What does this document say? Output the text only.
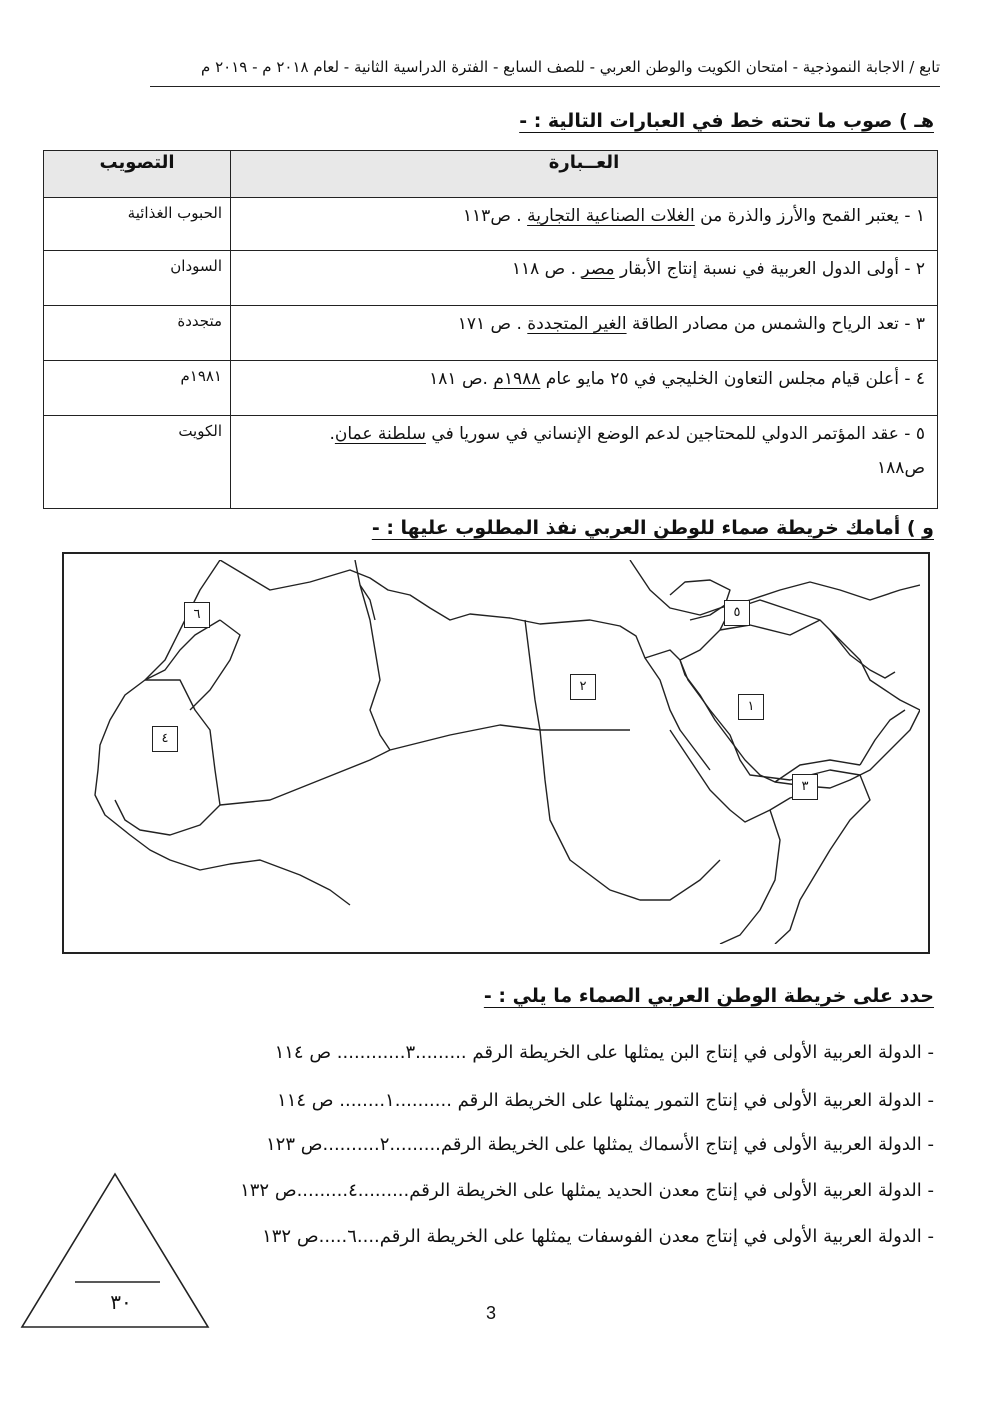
تابع / الاجابة النموذجية - امتحان الكويت والوطن العربي - للصف السابع - الفترة الدراسية الثانية - لعام ٢٠١٨ م - ٢٠١٩ م
هـ ) صوب ما تحته خط في العبارات التالية : -
العــبارة	التصويب
١ - يعتبر القمح والأرز والذرة من الغلات الصناعية التجارية . ص١١٣	الحبوب الغذائية
٢ - أولى الدول العربية في نسبة إنتاج الأبقار مصر . ص ١١٨	السودان
٣ - تعد الرياح والشمس من مصادر الطاقة الغير المتجددة . ص ١٧١	متجددة
٤ - أعلن قيام مجلس التعاون الخليجي في ٢٥ مايو عام ١٩٨٨م .ص ١٨١	١٩٨١م
٥ - عقد المؤتمر الدولي للمحتاجين لدعم الوضع الإنساني في سوريا في سلطنة عمان.
ص١٨٨	الكويت
و ) أمامك خريطة صماء للوطن العربي نفذ المطلوب عليها : -
٦	٥
٢
١
٤
٣
حدد على خريطة الوطن العربي الصماء ما يلي : -
- الدولة العربية الأولى في إنتاج البن يمثلها على الخريطة الرقم .........٣............ ص ١١٤
- الدولة العربية الأولى في إنتاج التمور يمثلها على الخريطة الرقم ..........١........ ص ١١٤
- الدولة العربية الأولى في إنتاج الأسماك يمثلها على الخريطة الرقم.........٢..........ص ١٢٣
- الدولة العربية الأولى في إنتاج معدن الحديد يمثلها على الخريطة الرقم.........٤.........ص ١٣٢
- الدولة العربية الأولى في إنتاج معدن الفوسفات يمثلها على الخريطة الرقم....٦.....ص ١٣٢
٣٠	3
